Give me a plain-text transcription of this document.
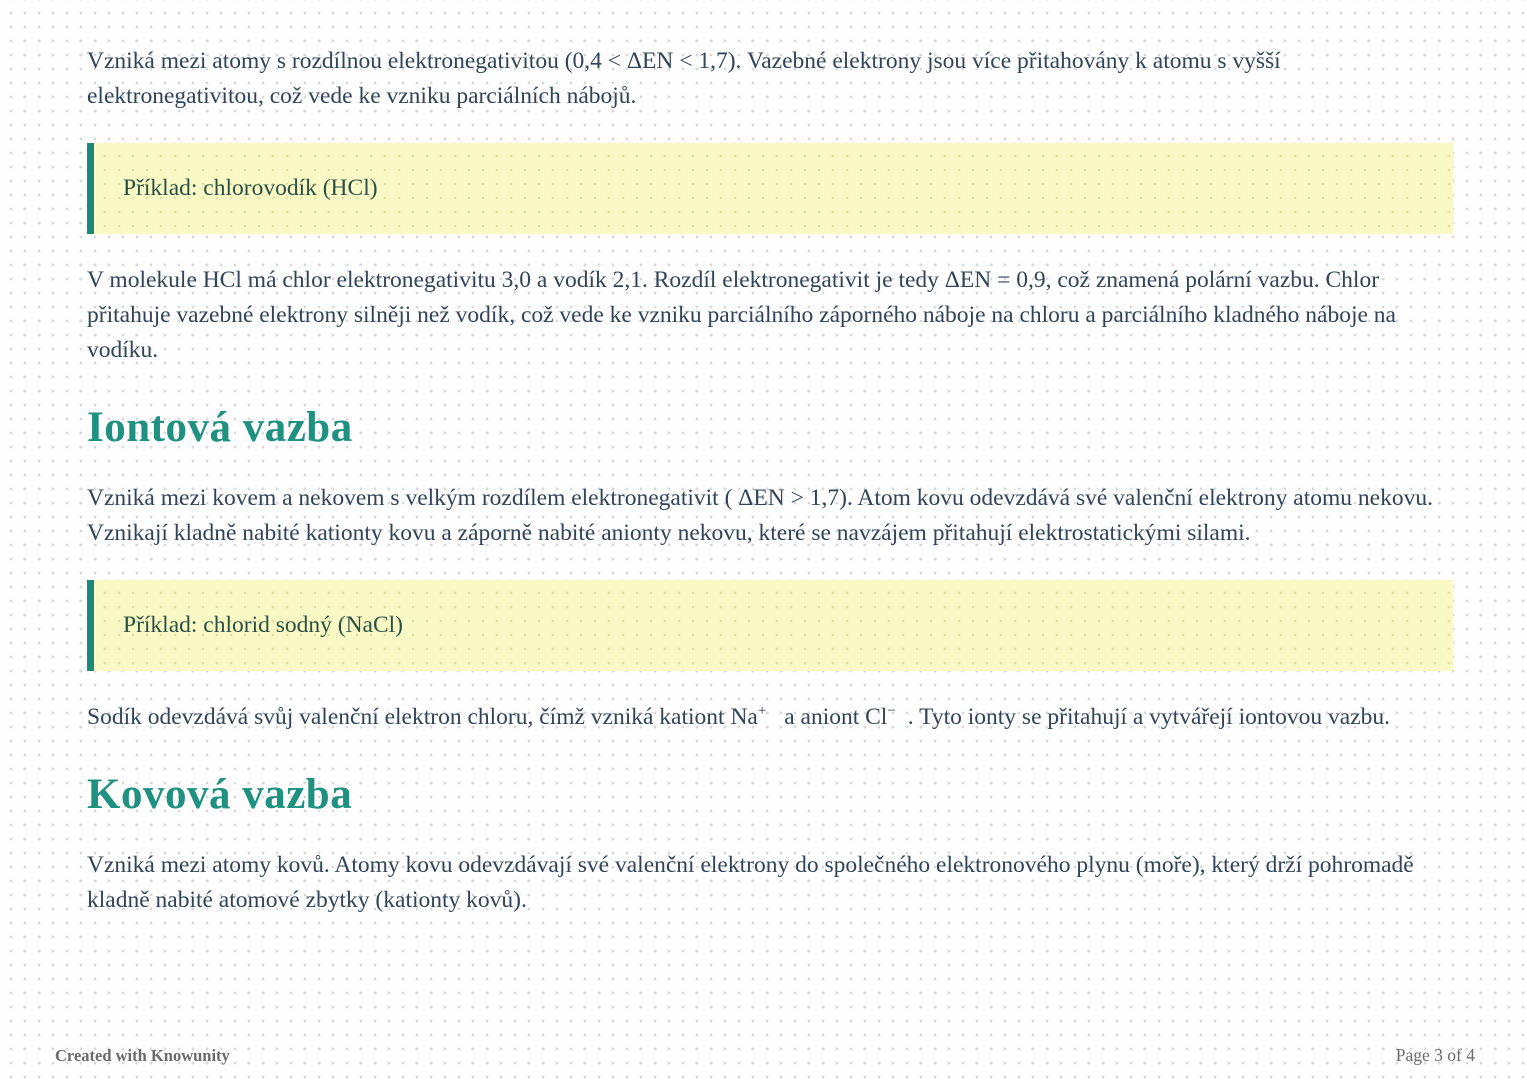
Vzniká mezi atomy s rozdílnou elektronegativitou (0,4 < ΔEN < 1,7). Vazebné elektrony jsou více přitahovány k atomu s vyšší elektronegativitou, což vede ke vzniku parciálních nábojů.

Příklad: chlorovodík (HCl)

V molekule HCl má chlor elektronegativitu 3,0 a vodík 2,1. Rozdíl elektronegativit je tedy ΔEN = 0,9, což znamená polární vazbu. Chlor přitahuje vazebné elektrony silněji než vodík, což vede ke vzniku parciálního záporného náboje na chloru a parciálního kladného náboje na vodíku.

Iontová vazba

Vzniká mezi kovem a nekovem s velkým rozdílem elektronegativit ( ΔEN > 1,7). Atom kovu odevzdává své valenční elektrony atomu nekovu. Vznikají kladně nabité kationty kovu a záporně nabité anionty nekovu, které se navzájem přitahují elektrostatickými silami.

Příklad: chlorid sodný (NaCl)

Sodík odevzdává svůj valenční elektron chloru, čímž vzniká kationt Na+ a aniont Cl− . Tyto ionty se přitahují a vytvářejí iontovou vazbu.

Kovová vazba

Vzniká mezi atomy kovů. Atomy kovu odevzdávají své valenční elektrony do společného elektronového plynu (moře), který drží pohromadě kladně nabité atomové zbytky (kationty kovů).

Created with Knowunity	Page 3 of 4
